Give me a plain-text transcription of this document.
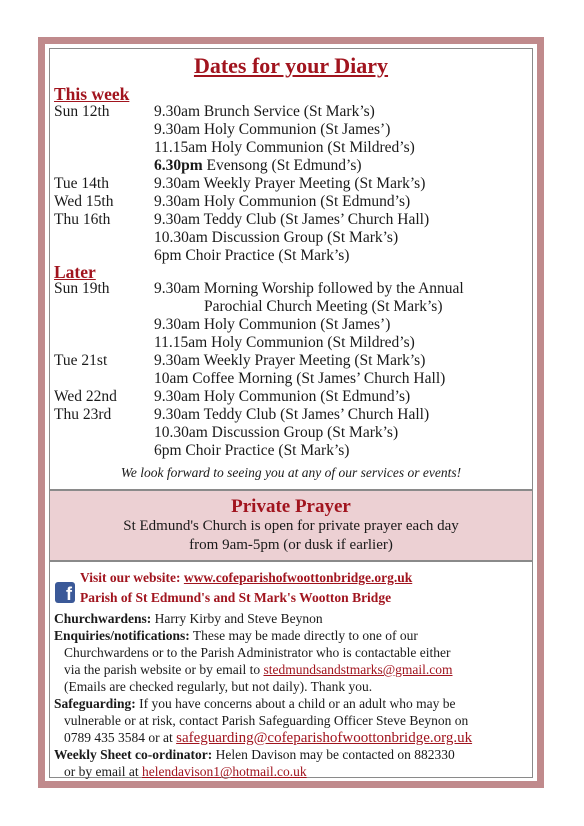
Dates for your Diary
This week
Sun 12th	9.30am Brunch Service (St Mark’s)
9.30am Holy Communion (St James’)
11.15am Holy Communion (St Mildred’s)
6.30pm Evensong (St Edmund’s)
Tue 14th	9.30am Weekly Prayer Meeting (St Mark’s)
Wed 15th	9.30am Holy Communion (St Edmund’s)
Thu 16th	9.30am Teddy Club (St James’ Church Hall)
10.30am Discussion Group (St Mark’s)
6pm Choir Practice (St Mark’s)
Later
Sun 19th	9.30am Morning Worship followed by the Annual
Parochial Church Meeting (St Mark’s)
9.30am Holy Communion (St James’)
11.15am Holy Communion (St Mildred’s)
Tue 21st	9.30am Weekly Prayer Meeting (St Mark’s)
10am Coffee Morning (St James’ Church Hall)
Wed 22nd 9.30am Holy Communion (St Edmund’s)
Thu 23rd	9.30am Teddy Club (St James’ Church Hall)
10.30am Discussion Group (St Mark’s)
6pm Choir Practice (St Mark’s)
We look forward to seeing you at any of our services or events!
Private Prayer
St Edmund's Church is open for private prayer each day
from 9am-5pm (or dusk if earlier)
f
Visit our website: www.cofeparishofwoottonbridge.org.uk
Parish of St Edmund's and St Mark's Wootton Bridge
Churchwardens: Harry Kirby and Steve Beynon
Enquiries/notifications: These may be made directly to one of our
Churchwardens or to the Parish Administrator who is contactable either
via the parish website or by email to stedmundsandstmarks@gmail.com
(Emails are checked regularly, but not daily). Thank you.
Safeguarding: If you have concerns about a child or an adult who may be
vulnerable or at risk, contact Parish Safeguarding Officer Steve Beynon on
0789 435 3584 or at safeguarding@cofeparishofwoottonbridge.org.uk
Weekly Sheet co-ordinator: Helen Davison may be contacted on 882330
or by email at helendavison1@hotmail.co.uk
